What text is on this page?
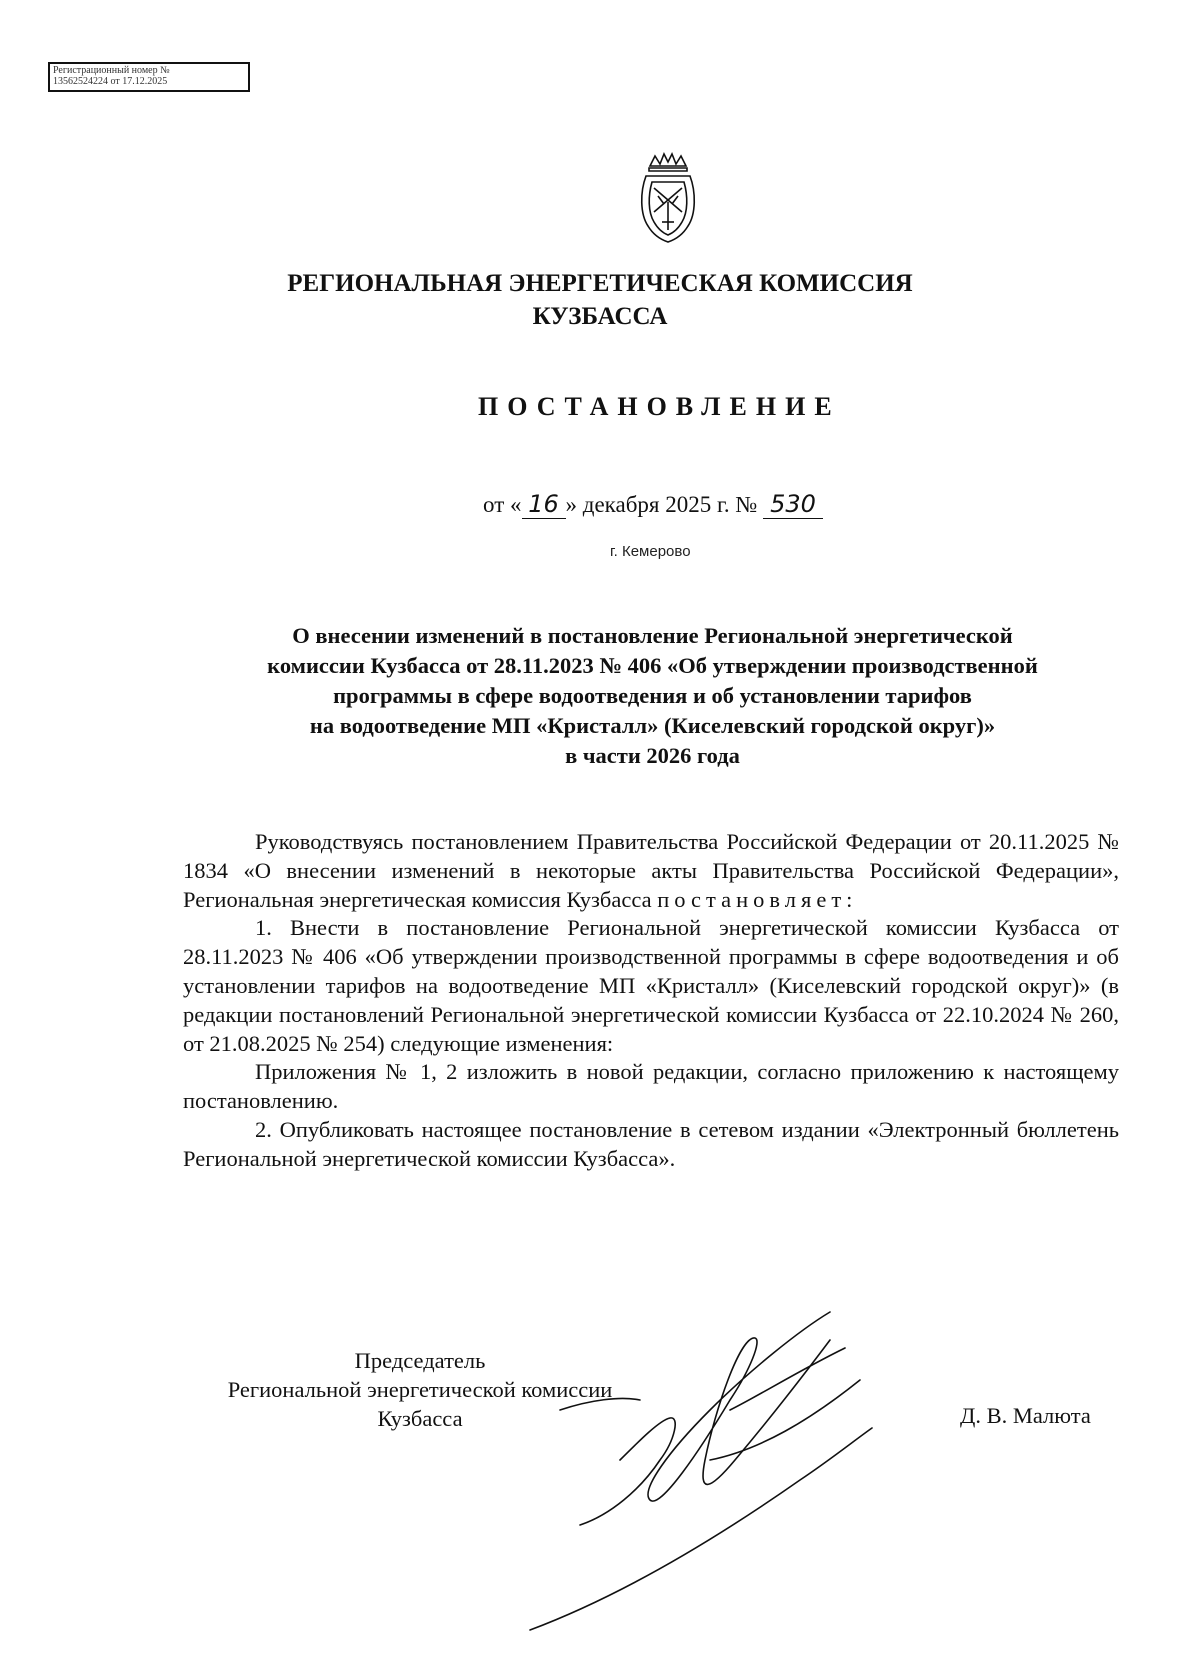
Регистрационный номер №
13562524224 от 17.12.2025
РЕГИОНАЛЬНАЯ ЭНЕРГЕТИЧЕСКАЯ КОМИССИЯ
КУЗБАССА
ПОСТАНОВЛЕНИЕ
от « 16 » декабря 2025 г. № 530
г. Кемерово
О внесении изменений в постановление Региональной энергетической
комиссии Кузбасса от 28.11.2023 № 406 «Об утверждении производственной
программы в сфере водоотведения и об установлении тарифов
на водоотведение МП «Кристалл» (Киселевский городской округ)»
в части 2026 года

Руководствуясь постановлением Правительства Российской Федерации от 20.11.2025 № 1834 «О внесении изменений в некоторые акты Правительства Российской Федерации», Региональная энергетическая комиссия Кузбасса постановляет:

1. Внести в постановление Региональной энергетической комиссии Кузбасса от 28.11.2023 № 406 «Об утверждении производственной программы в сфере водоотведения и об установлении тарифов на водоотведение МП «Кристалл» (Киселевский городской округ)» (в редакции постановлений Региональной энергетической комиссии Кузбасса от 22.10.2024 № 260, от 21.08.2025 № 254) следующие изменения:

Приложения № 1, 2 изложить в новой редакции, согласно приложению к настоящему постановлению.

2. Опубликовать настоящее постановление в сетевом издании «Электронный бюллетень Региональной энергетической комиссии Кузбасса».

Председатель
Региональной энергетической комиссии
Кузбасса	Д. В. Малюта
